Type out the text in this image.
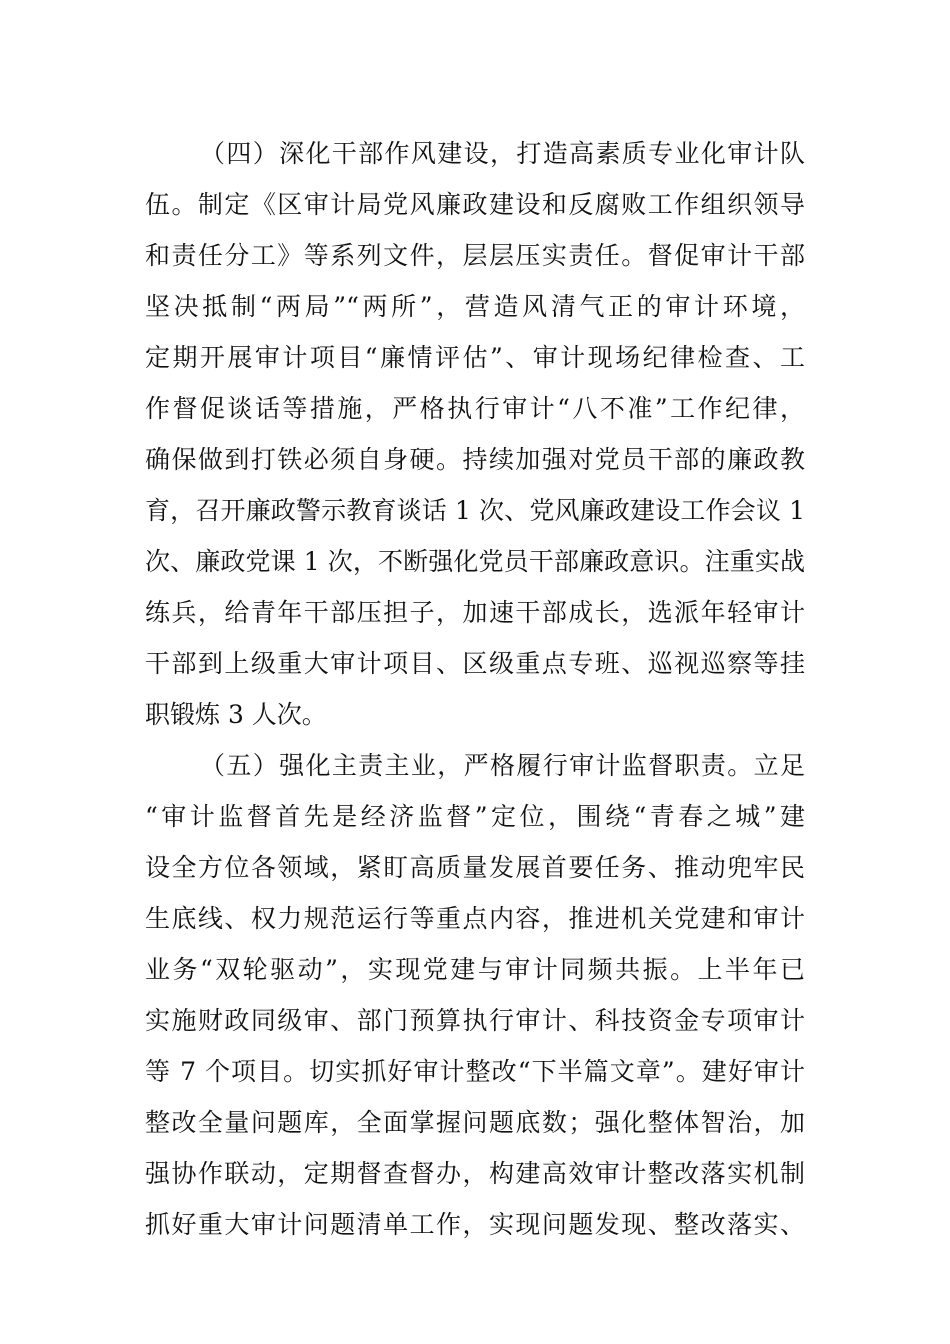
（四）深化干部作风建设，打造高素质专业化审计队
伍。制定《区审计局党风廉政建设和反腐败工作组织领导
和责任分工》等系列文件，层层压实责任。督促审计干部
坚决抵制“两局”“两所”，营造风清气正的审计环境，
定期开展审计项目“廉情评估”、审计现场纪律检查、工
作督促谈话等措施，严格执行审计“八不准”工作纪律，
确保做到打铁必须自身硬。持续加强对党员干部的廉政教
育，召开廉政警示教育谈话 1 次、党风廉政建设工作会议 1
次、廉政党课 1 次，不断强化党员干部廉政意识。注重实战
练兵，给青年干部压担子，加速干部成长，选派年轻审计
干部到上级重大审计项目、区级重点专班、巡视巡察等挂
职锻炼 3 人次。
（五）强化主责主业，严格履行审计监督职责。立足
“审计监督首先是经济监督”定位，围绕“青春之城”建
设全方位各领域，紧盯高质量发展首要任务、推动兜牢民
生底线、权力规范运行等重点内容，推进机关党建和审计
业务“双轮驱动”，实现党建与审计同频共振。上半年已
实施财政同级审、部门预算执行审计、科技资金专项审计
等 7 个项目。切实抓好审计整改“下半篇文章”。建好审计
整改全量问题库，全面掌握问题底数；强化整体智治，加
强协作联动，定期督查督办，构建高效审计整改落实机制
抓好重大审计问题清单工作，实现问题发现、整改落实、
